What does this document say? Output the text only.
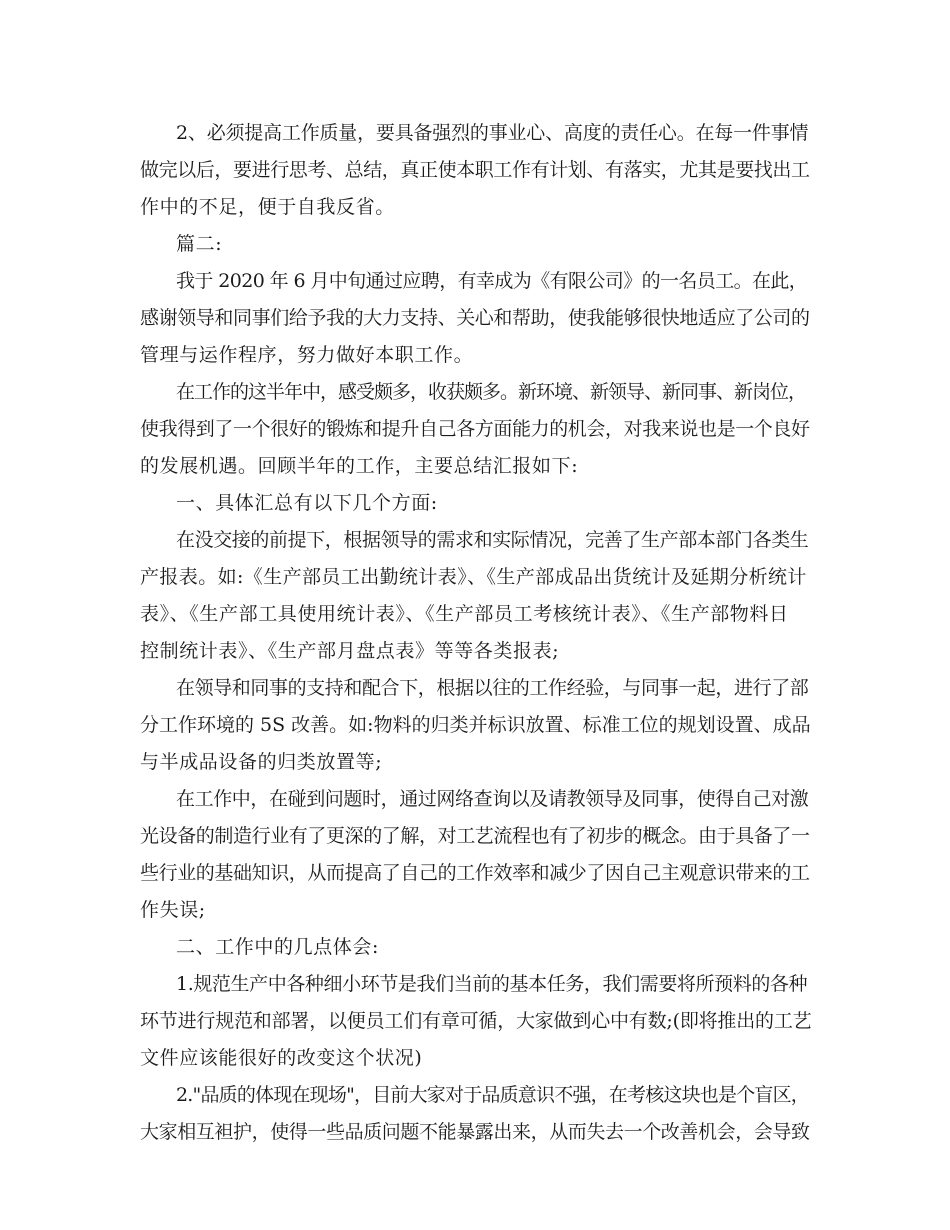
2、必须提高工作质量，要具备强烈的事业心、高度的责任心。在每一件事情
做完以后，要进行思考、总结，真正使本职工作有计划、有落实，尤其是要找出工
作中的不足，便于自我反省。
篇二:
我于 2020 年 6 月中旬通过应聘，有幸成为《有限公司》的一名员工。在此，
感谢领导和同事们给予我的大力支持、关心和帮助，使我能够很快地适应了公司的
管理与运作程序，努力做好本职工作。
在工作的这半年中，感受颇多，收获颇多。新环境、新领导、新同事、新岗位，
使我得到了一个很好的锻炼和提升自己各方面能力的机会，对我来说也是一个良好
的发展机遇。回顾半年的工作，主要总结汇报如下:
一、具体汇总有以下几个方面:
在没交接的前提下，根据领导的需求和实际情况，完善了生产部本部门各类生
产报表。如:《生产部员工出勤统计表》、《生产部成品出货统计及延期分析统计
表》、《生产部工具使用统计表》、《生产部员工考核统计表》、《生产部物料日
控制统计表》、《生产部月盘点表》等等各类报表;
在领导和同事的支持和配合下，根据以往的工作经验，与同事一起，进行了部
分工作环境的 5S 改善。如:物料的归类并标识放置、标准工位的规划设置、成品
与半成品设备的归类放置等;
在工作中，在碰到问题时，通过网络查询以及请教领导及同事，使得自己对激
光设备的制造行业有了更深的了解，对工艺流程也有了初步的概念。由于具备了一
些行业的基础知识，从而提高了自己的工作效率和减少了因自己主观意识带来的工
作失误;
二、工作中的几点体会:
1.规范生产中各种细小环节是我们当前的基本任务，我们需要将所预料的各种
环节进行规范和部署，以便员工们有章可循，大家做到心中有数;(即将推出的工艺
文件应该能很好的改变这个状况)
2."品质的体现在现场"，目前大家对于品质意识不强，在考核这块也是个盲区，
大家相互袒护，使得一些品质问题不能暴露出来，从而失去一个改善机会，会导致
